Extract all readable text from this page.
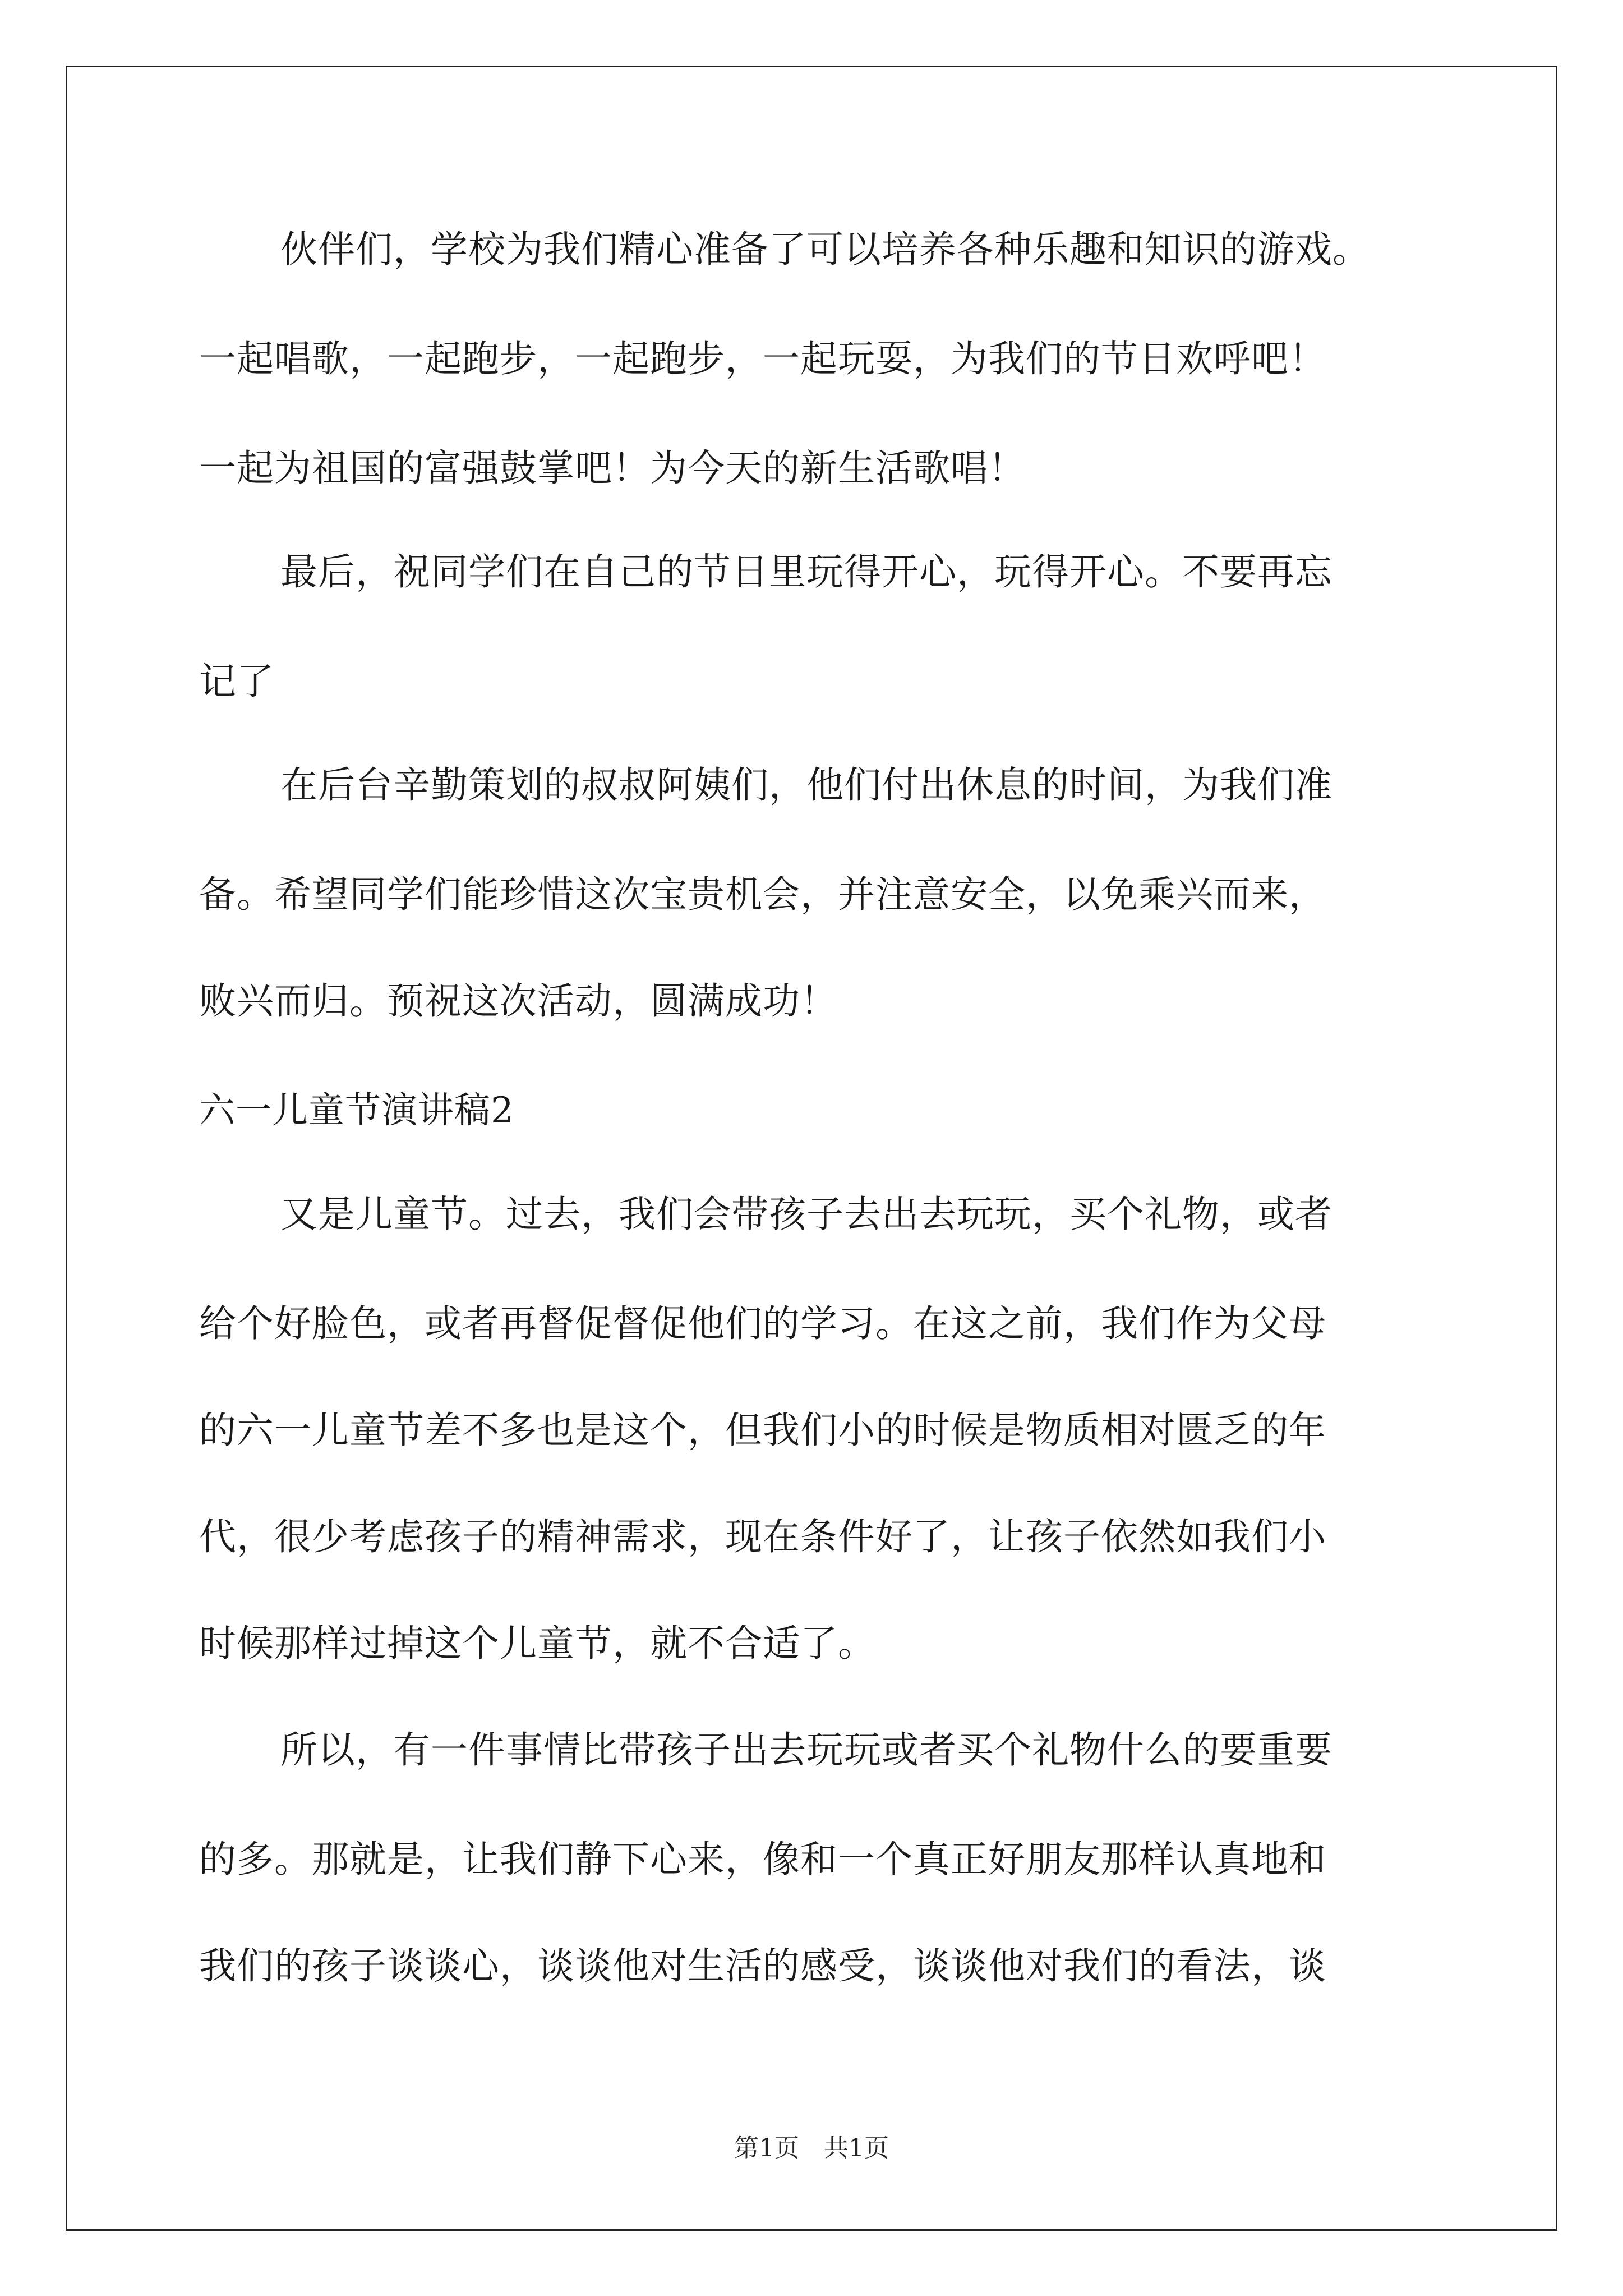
伙伴们，学校为我们精心准备了可以培养各种乐趣和知识的游戏。
一起唱歌，一起跑步，一起跑步，一起玩耍，为我们的节日欢呼吧！
一起为祖国的富强鼓掌吧！为今天的新生活歌唱！
最后，祝同学们在自己的节日里玩得开心，玩得开心。不要再忘
记了
在后台辛勤策划的叔叔阿姨们，他们付出休息的时间，为我们准
备。希望同学们能珍惜这次宝贵机会，并注意安全，以免乘兴而来，
败兴而归。预祝这次活动，圆满成功！
六一儿童节演讲稿2
又是儿童节。过去，我们会带孩子去出去玩玩，买个礼物，或者
给个好脸色，或者再督促督促他们的学习。在这之前，我们作为父母
的六一儿童节差不多也是这个，但我们小的时候是物质相对匮乏的年
代，很少考虑孩子的精神需求，现在条件好了，让孩子依然如我们小
时候那样过掉这个儿童节，就不合适了。
所以，有一件事情比带孩子出去玩玩或者买个礼物什么的要重要
的多。那就是，让我们静下心来，像和一个真正好朋友那样认真地和
我们的孩子谈谈心，谈谈他对生活的感受，谈谈他对我们的看法，谈
第1页　共1页
